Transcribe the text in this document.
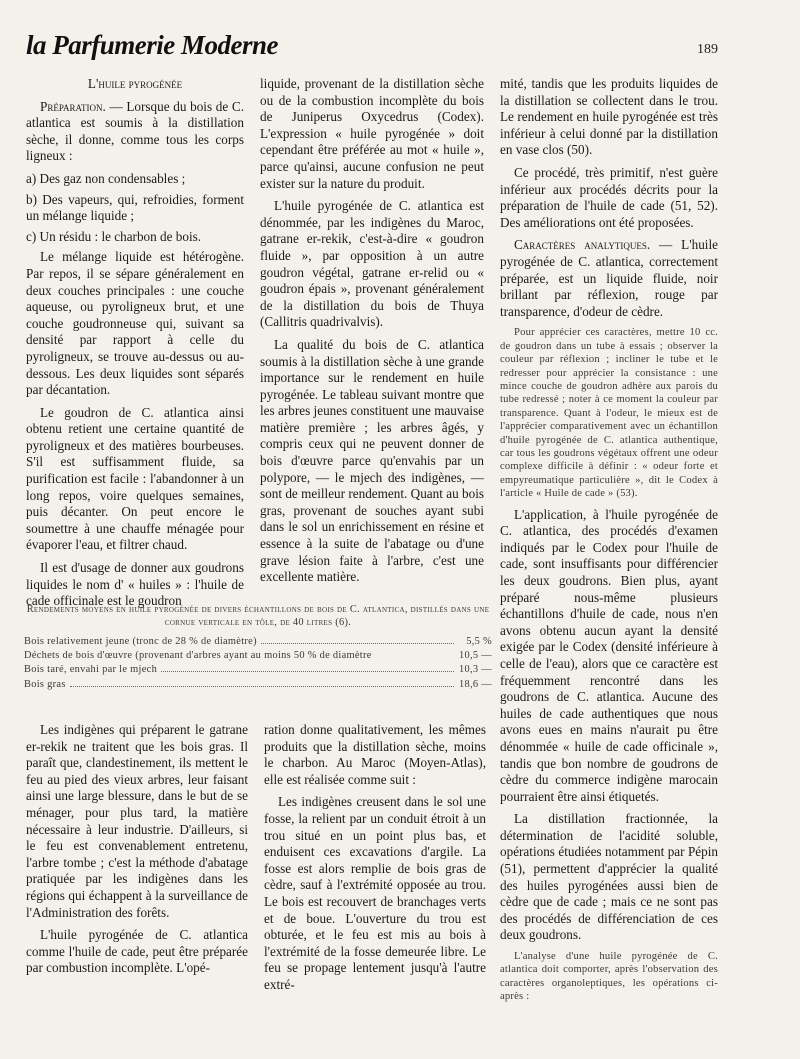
la Parfumerie Moderne	189
L'huile pyrogénée

Préparation. — Lorsque du bois de C. atlantica est soumis à la distillation sèche, il donne, comme tous les corps ligneux :

a) Des gaz non condensables ;

b) Des vapeurs, qui, refroidies, forment un mélange liquide ;

c) Un résidu : le charbon de bois.

Le mélange liquide est hétérogène. Par repos, il se sépare généralement en deux couches principales : une couche aqueuse, ou pyroligneux brut, et une couche goudronneuse qui, suivant sa densité par rapport à celle du pyroligneux, se trouve au-dessus ou au-dessous. Les deux liquides sont séparés par décantation.

Le goudron de C. atlantica ainsi obtenu retient une certaine quantité de pyroligneux et des matières bourbeuses. S'il est suffisamment fluide, sa purification est facile : l'abandonner à un long repos, voire quelques semaines, puis décanter. On peut encore le soumettre à une chauffe ménagée pour évaporer l'eau, et filtrer chaud.

Il est d'usage de donner aux goudrons liquides le nom d' « huiles » : l'huile de cade officinale est le goudron

liquide, provenant de la distillation sèche ou de la combustion incomplète du bois de Juniperus Oxycedrus (Codex). L'expression « huile pyrogénée » doit cependant être préférée au mot « huile », parce qu'ainsi, aucune confusion ne peut exister sur la nature du produit.

L'huile pyrogénée de C. atlantica est dénommée, par les indigènes du Maroc, gatrane er-rekik, c'est-à-dire « goudron fluide », par opposition à un autre goudron végétal, gatrane er-relid ou « goudron épais », provenant généralement de la distillation du bois de Thuya (Callitris quadrivalvis).

La qualité du bois de C. atlantica soumis à la distillation sèche à une grande importance sur le rendement en huile pyrogénée. Le tableau suivant montre que les arbres jeunes constituent une mauvaise matière première ; les arbres âgés, y compris ceux qui ne peuvent donner de bois d'œuvre parce qu'envahis par un polypore, — le mjech des indigènes, — sont de meilleur rendement. Quant au bois gras, provenant de souches ayant subi dans le sol un enrichissement en résine et essence à la suite de l'abatage ou d'une grave lésion faite à l'arbre, c'est une excellente matière.

Rendements moyens en huile pyrogénée de divers échantillons de bois de C. atlantica, distillés dans une cornue verticale en tôle, de 40 litres (6).
Bois relativement jeune (tronc de 28 % de diamètre)	5,5 %
Déchets de bois d'œuvre (provenant d'arbres ayant au moins 50 % de diamètre	10,5 —
Bois taré, envahi par le mjech	10,3 —
Bois gras	18,6 —

Les indigènes qui préparent le gatrane er-rekik ne traitent que les bois gras. Il paraît que, clandestinement, ils mettent le feu au pied des vieux arbres, leur faisant ainsi une large blessure, dans le but de se ménager, pour plus tard, la matière nécessaire à leur industrie. D'ailleurs, si le feu est convenablement entretenu, l'arbre tombe ; c'est la méthode d'abatage pratiquée par les indigènes dans les régions qui échappent à la surveillance de l'Administration des forêts.

L'huile pyrogénée de C. atlantica comme l'huile de cade, peut être préparée par combustion incomplète. L'opé-

ration donne qualitativement, les mêmes produits que la distillation sèche, moins le charbon. Au Maroc (Moyen-Atlas), elle est réalisée comme suit :

Les indigènes creusent dans le sol une fosse, la relient par un conduit étroit à un trou situé en un point plus bas, et enduisent ces excavations d'argile. La fosse est alors remplie de bois gras de cèdre, sauf à l'extrémité opposée au trou. Le bois est recouvert de branchages verts et de boue. L'ouverture du trou est obturée, et le feu est mis au bois à l'extrémité de la fosse demeurée libre. Le feu se propage lentement jusqu'à l'autre extré-

mité, tandis que les produits liquides de la distillation se collectent dans le trou. Le rendement en huile pyrogénée est très inférieur à celui donné par la distillation en vase clos (50).

Ce procédé, très primitif, n'est guère inférieur aux procédés décrits pour la préparation de l'huile de cade (51, 52). Des améliorations ont été proposées.

Caractères analytiques. — L'huile pyrogénée de C. atlantica, correctement préparée, est un liquide fluide, noir brillant par réflexion, rouge par transparence, d'odeur de cèdre.

Pour apprécier ces caractères, mettre 10 cc. de goudron dans un tube à essais ; observer la couleur par réflexion ; incliner le tube et le redresser pour apprécier la consistance : une mince couche de goudron adhère aux parois du tube redressé ; noter à ce moment la couleur par transparence. Quant à l'odeur, le mieux est de l'apprécier comparativement avec un échantillon d'huile pyrogénée de C. atlantica authentique, car tous les goudrons végétaux offrent une odeur complexe difficile à définir : « odeur forte et empyreumatique particulière », dit le Codex à l'article « Huile de cade » (53).

L'application, à l'huile pyrogénée de C. atlantica, des procédés d'examen indiqués par le Codex pour l'huile de cade, sont insuffisants pour différencier les deux goudrons. Bien plus, ayant préparé nous-même plusieurs échantillons d'huile de cade, nous n'en avons obtenu aucun ayant la densité exigée par le Codex (densité inférieure à celle de l'eau), alors que ce caractère est fréquemment rencontré dans les goudrons de C. atlantica. Aucune des huiles de cade authentiques que nous avons eues en mains n'aurait pu être dénommée « huile de cade officinale », tandis que bon nombre de goudrons de cèdre du commerce indigène marocain pourraient être ainsi étiquetés.

La distillation fractionnée, la détermination de l'acidité soluble, opérations étudiées notamment par Pépin (51), permettent d'apprécier la qualité des huiles pyrogénées aussi bien de cèdre que de cade ; mais ce ne sont pas des procédés de différenciation de ces deux goudrons.

L'analyse d'une huile pyrogénée de C. atlantica doit comporter, après l'observation des caractères organoleptiques, les opérations ci-après :
